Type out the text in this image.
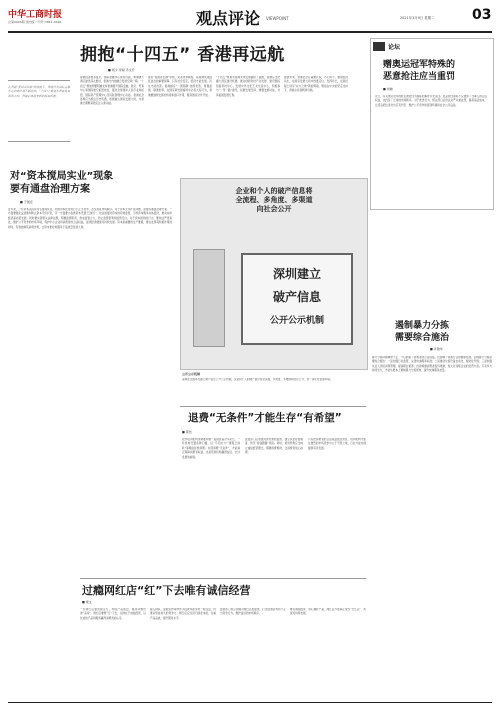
中华工商时报
总第9000期 国内统一刊号 CN11-0094	观点评论 VIEWPOINT	2021年3月9日 星期二	03
在香港“爱国者治港”的前提下，香港作为国际金融中心的地位将不断巩固，“十四五”规划为香港发展指明方向，香港必将迎来新的发展机遇。
拥抱“十四五” 香港再远航
■ 胡少 李娟 齐文升
香港经济稳步复苏，国际金融中心地位巩固，粤港澳大湾区建设深入推进，香港与内地融合发展空间广阔。“十四五”规划纲要明确支持香港提升国际金融、航运、贸易中心和国际航空枢纽地位，强化全球离岸人民币业务枢纽、国际资产管理中心及风险管理中心功能。香港社会各界应当抓住历史机遇，积极融入国家发展大局，为香港长期繁荣稳定注入新动能。
落实“爱国者治港”原则，完善选举制度，是香港实现由乱到治的重要保障。只有社会安定，经济才能发展，民生才能改善。香港拥有“一国两制”独特优势，背靠祖国、联通世界，在国家新发展格局中必将大有可为，香港要继续发挥好桥梁和窗口作用，服务国家对外开放。
“十四五”规划为香港未来发展描绘了蓝图，香港应当把握大湾区建设机遇，推动创新科技产业发展，建设国际创新科技中心，发展中外文化艺术交流中心，积极参与“一带一路”建设，拓展发展空间，增强发展动能，共享祖国发展红利。
展望未来，香港社会应凝聚共识，齐心协力，聚焦经济民生，在国家发展大局中找准定位，发挥所长，在新征程上续写“东方之珠”新的辉煌。相信在中央的坚定支持下，香港必将扬帆再远航。
论坛
赠奥运冠军特殊的
恶意抢注应当重罚
■ 刘晓
近日，有关奥运冠军的姓名被抢注为商标的事件引发关注。恶意抢注商标不仅侵害了当事人的合法权益，也扰乱了正常的市场秩序。对于此类行为，相关部门应依法从严从重处罚，提高违法成本，让恶意抢注者付出应有代价，维护公平竞争的营商环境和社会公序良俗。
对“资本搅局实业”现象
要有通盘治理方案
■ 于国安
近年来，一些资本以投资为名搅局实业，利用资本优势进行不正当竞争，甚至扰乱市场秩序。对于资本无序扩张问题，需要有通盘治理方案。一方面要强化反垄断和防止资本无序扩张，另一方面要为各类资本设置“红绿灯”，依法加强对资本的有效监管，引导资本服务实体经济，推动实体经济高质量发展。同时要完善相关法律法规，明确监管职责，形成监管合力，防止监管套利和监管空白。对于资本搅局的行为，要依法严肃查处，维护公平竞争的市场环境，保护中小企业和消费者的合法权益，促进经济健康可持续发展。资本是重要的生产要素，要在发挥其积极作用的同时，有效控制其消极作用，让资本更好地服务于高质量发展大局。
企业和个人的破产信息将
全流程、多角度、多渠道
向社会公开
深圳建立
破产信息
公开公示机制
公开公示机制
深圳在全国率先建立破产信息公开公示机制，企业和个人的破产信息将全流程、多角度、多渠道向社会公开，进一步优化营商环境。
遏制暴力分拣
需要综合施治
■ 许敬华
暴力分拣问题屡禁不止，不仅损害了消费者的合法权益，也影响了快递行业的健康发展。治理暴力分拣需要综合施治：一是加强行业监管，完善快递服务标准；二是推动分拣设备自动化、智能化升级；三是加强从业人员培训和管理，提高职业素养；四是畅通消费者投诉渠道，加大对违规企业的处罚力度。只有多方协同发力，才能从根本上遏制暴力分拣现象，提升快递服务质量。
退费“无条件”才能生存“有希望”
■ 郭浩
校外培训机构退费难问题一直困扰着众多家长。一些机构设置各种门槛，以“不可抗力”“课程已消耗”等理由拒绝退费。实现退费“无条件”，才能真正保障消费者权益，也是培训机构赢得信任、长远发展的前提。
监管部门应加强对预付费的监管，建立资金存管制度，防范“卷钱跑路”风险。同时，培训机构应当树立诚信经营理念，明确退费规则，让消费者放心消费。
只有把消费者的合法权益放在首位，培训机构才能在激烈的市场竞争中立于不败之地，行业才能实现健康有序发展。
过瘾网红店“红”下去唯有诚信经营
■ 梁文
一些网红店靠营销走红，却因产品质量、服务问题迅速“凉凉”。网红店要想“红”下去，关键在于诚信经营，以优质的产品和服务赢得消费者的认可。
雇人排队、虚假宣传等炒作手段或许能带来一时流量，但难以形成持久的竞争力。网红店应当回归商业本质，注重产品品质，提升服务水平。
监管部门也应加强对网红店的监管，打击虚假宣传和不正当竞争行为，维护良好的市场秩序。
唯有诚信经营、用心做好产品，网红店才能真正成为“长红店”，实现可持续发展。
